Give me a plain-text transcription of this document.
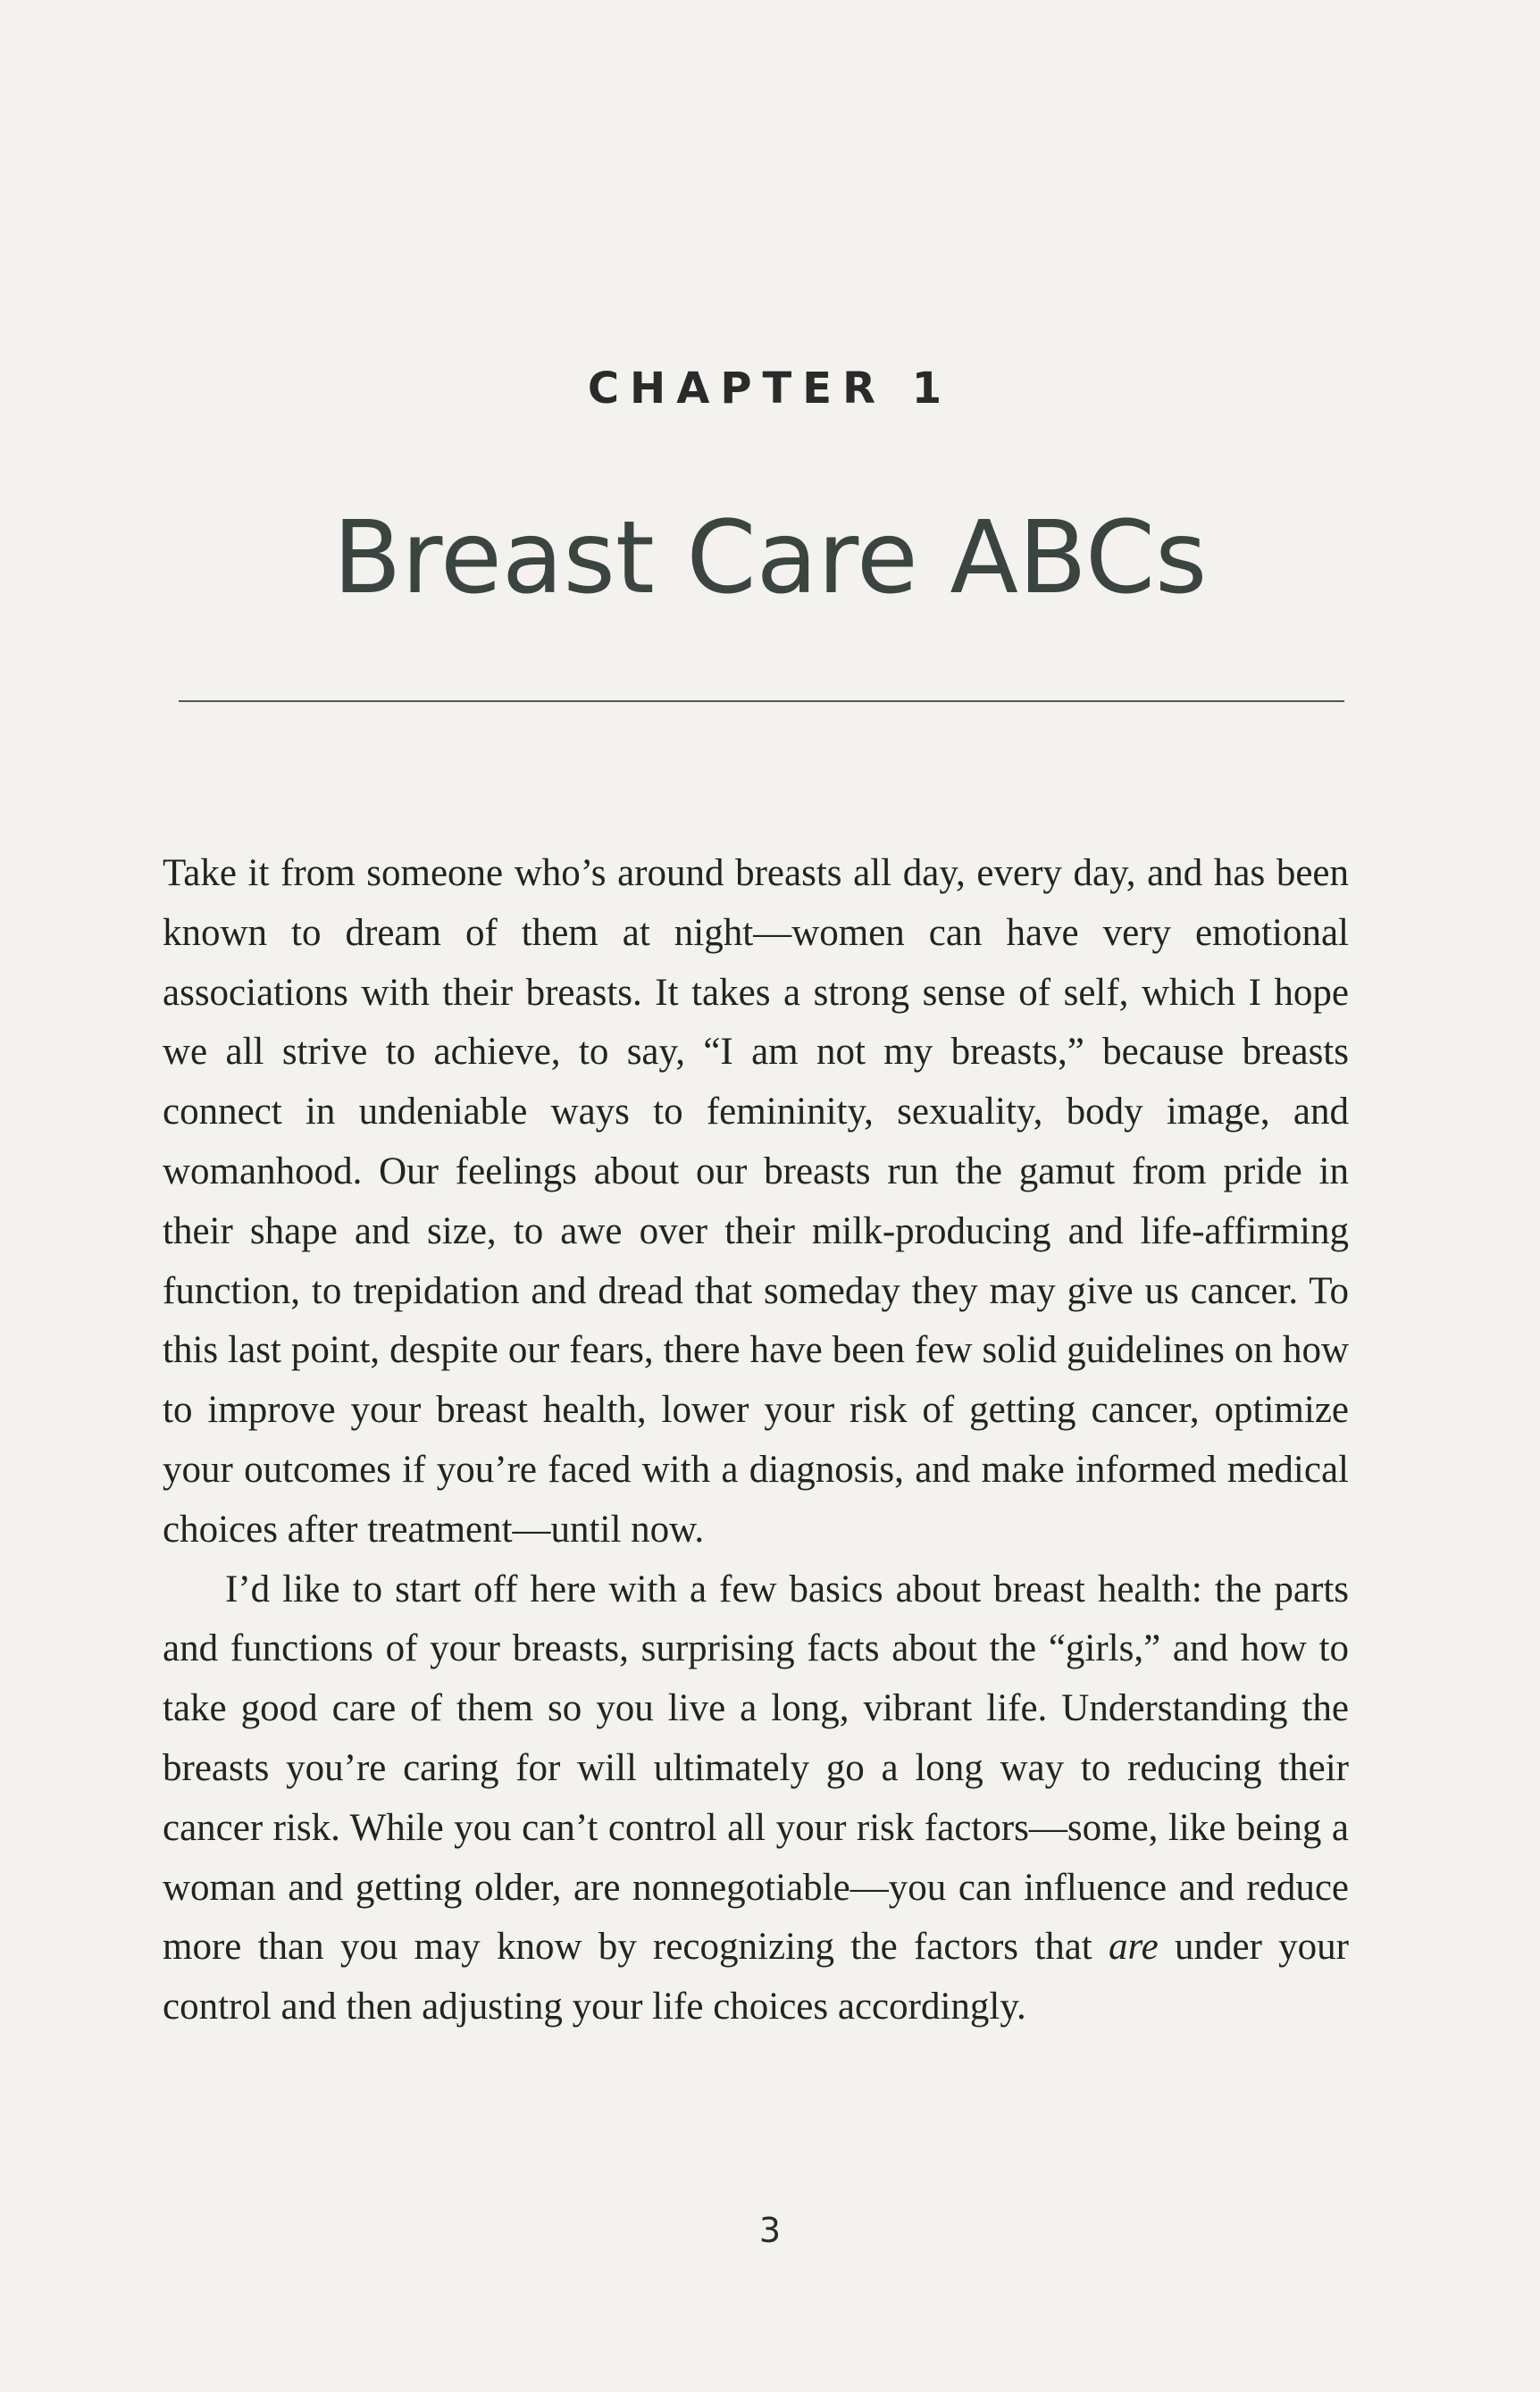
CHAPTER 1
Breast Care ABCs

Take it from someone who’s around breasts all day, every day, and has been known to dream of them at night—women can have very emotional associations with their breasts. It takes a strong sense of self, which I hope we all strive to achieve, to say, “I am not my breasts,” because breasts connect in undeniable ways to femininity, sexuality, body image, and womanhood. Our feelings about our breasts run the gamut from pride in their shape and size, to awe over their milk-producing and life-affirming function, to trepidation and dread that someday they may give us cancer. To this last point, despite our fears, there have been few solid guidelines on how to improve your breast health, lower your risk of getting cancer, optimize your outcomes if you’re faced with a diagnosis, and make informed medical choices after treatment—until now.

I’d like to start off here with a few basics about breast health: the parts and functions of your breasts, surprising facts about the “girls,” and how to take good care of them so you live a long, vibrant life. Understanding the breasts you’re caring for will ultimately go a long way to reducing their cancer risk. While you can’t control all your risk factors—some, like being a woman and getting older, are nonnegotiable—you can influence and reduce more than you may know by recognizing the factors that are under your control and then adjusting your life choices accordingly.

3
